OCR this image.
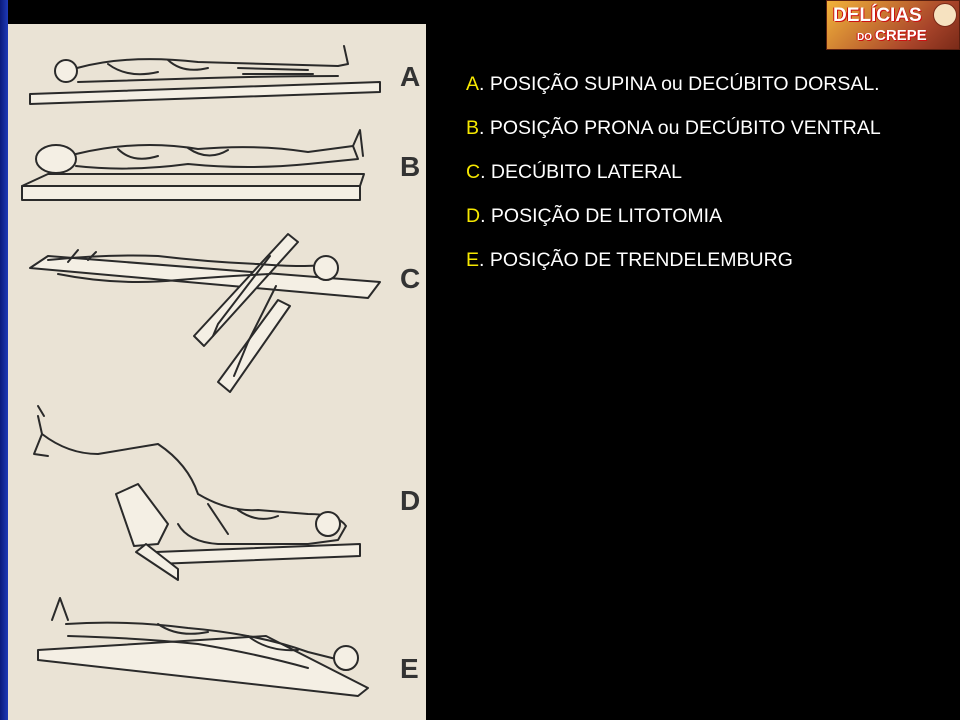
A
B
C
D
E
DELÍCIAS
DO CREPE

A. POSIÇÃO SUPINA ou DECÚBITO DORSAL.

B. POSIÇÃO PRONA ou DECÚBITO VENTRAL

C. DECÚBITO LATERAL

D. POSIÇÃO DE LITOTOMIA

E. POSIÇÃO DE TRENDELEMBURG
